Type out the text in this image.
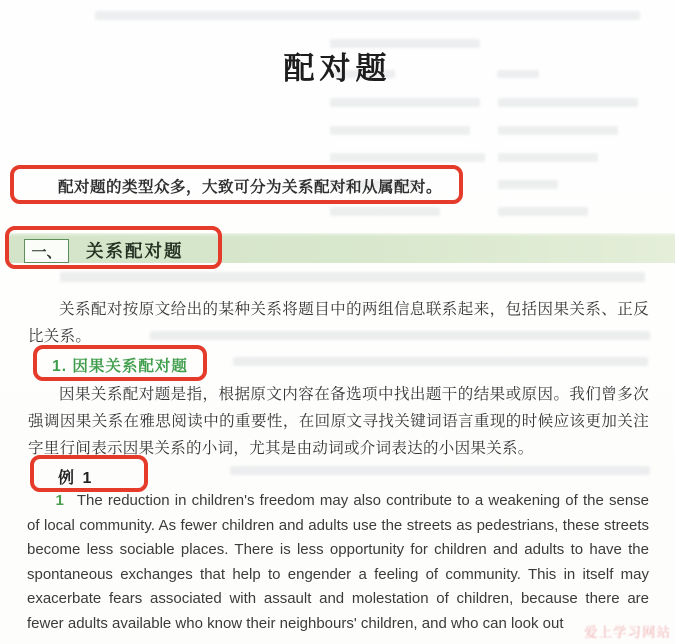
配对题
配对题的类型众多，大致可分为关系配对和从属配对。
一、	关系配对题

关系配对按原文给出的某种关系将题目中的两组信息联系起来，包括因果关系、正反比关系。

1. 因果关系配对题

因果关系配对题是指，根据原文内容在备选项中找出题干的结果或原因。我们曾多次强调因果关系在雅思阅读中的重要性，在回原文寻找关键词语言重现的时候应该更加关注字里行间表示因果关系的小词，尤其是由动词或介词表达的小因果关系。

例 1

1 The reduction in children's freedom may also contribute to a weakening of the sense of local community. As fewer children and adults use the streets as pedestrians, these streets become less sociable places. There is less opportunity for children and adults to have the spontaneous exchanges that help to engender a feeling of community. This in itself may exacerbate fears associated with assault and molestation of children, because there are fewer adults available who know their neighbours' children, and who can look out

爱上学习网站
